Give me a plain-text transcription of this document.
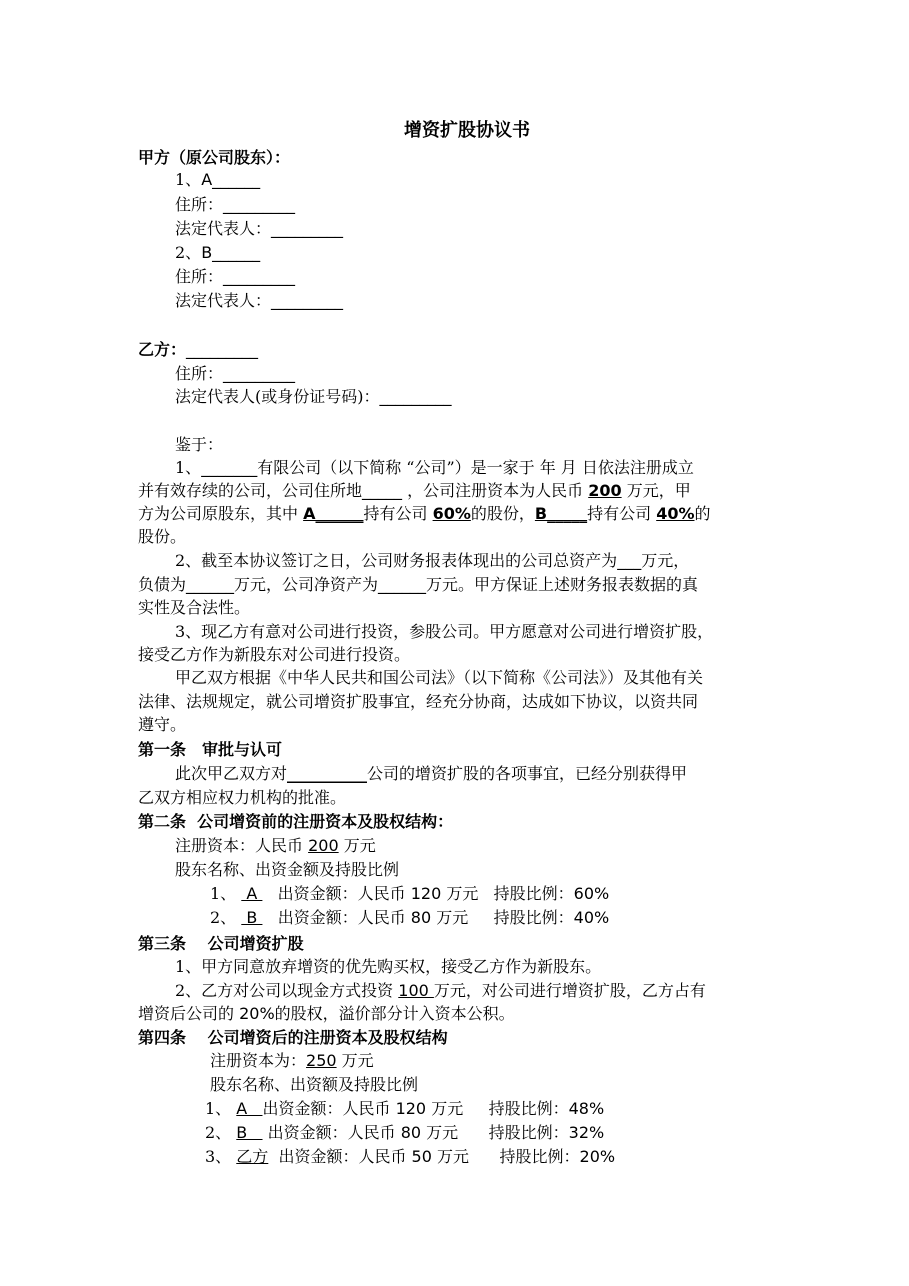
增资扩股协议书
甲方（原公司股东）：
1、A______
住所：_________
法定代表人：_________
2、B______
住所：_________
法定代表人：_________
乙方：_________
住所：_________
法定代表人(或身份证号码)：_________
鉴于：
1、_______有限公司（以下简称 “公司”）是一家于 年 月 日依法注册成立
并有效存续的公司，公司住所地_____ ，公司注册资本为人民币 200 万元，甲
方为公司原股东，其中 A______持有公司 60%的股份，B_____持有公司 40%的
股份。
2、截至本协议签订之日，公司财务报表体现出的公司总资产为___万元，
负债为______万元，公司净资产为______万元。甲方保证上述财务报表数据的真
实性及合法性。
3、现乙方有意对公司进行投资，参股公司。甲方愿意对公司进行增资扩股，
接受乙方作为新股东对公司进行投资。
甲乙双方根据《中华人民共和国公司法》（以下简称《公司法》）及其他有关
法律、法规规定，就公司增资扩股事宜，经充分协商，达成如下协议，以资共同
遵守。
第一条　审批与认可
此次甲乙双方对__________公司的增资扩股的各项事宜，已经分别获得甲
乙双方相应权力机构的批准。
第二条  公司增资前的注册资本及股权结构：
注册资本：人民币 200 万元
股东名称、出资金额及持股比例
1、  A    出资金额：人民币 120 万元   持股比例：60%
2、  B    出资金额：人民币 80 万元     持股比例：40%
第三条　 公司增资扩股
1、甲方同意放弃增资的优先购买权，接受乙方作为新股东。
2、乙方对公司以现金方式投资 100 万元，对公司进行增资扩股，乙方占有
增资后公司的 20%的股权，溢价部分计入资本公积。
第四条　 公司增资后的注册资本及股权结构
注册资本为：250 万元
股东名称、出资额及持股比例
1、 A   出资金额：人民币 120 万元     持股比例：48%
2、 B    出资金额：人民币 80 万元      持股比例：32%
3、 乙方  出资金额：人民币 50 万元      持股比例：20%
